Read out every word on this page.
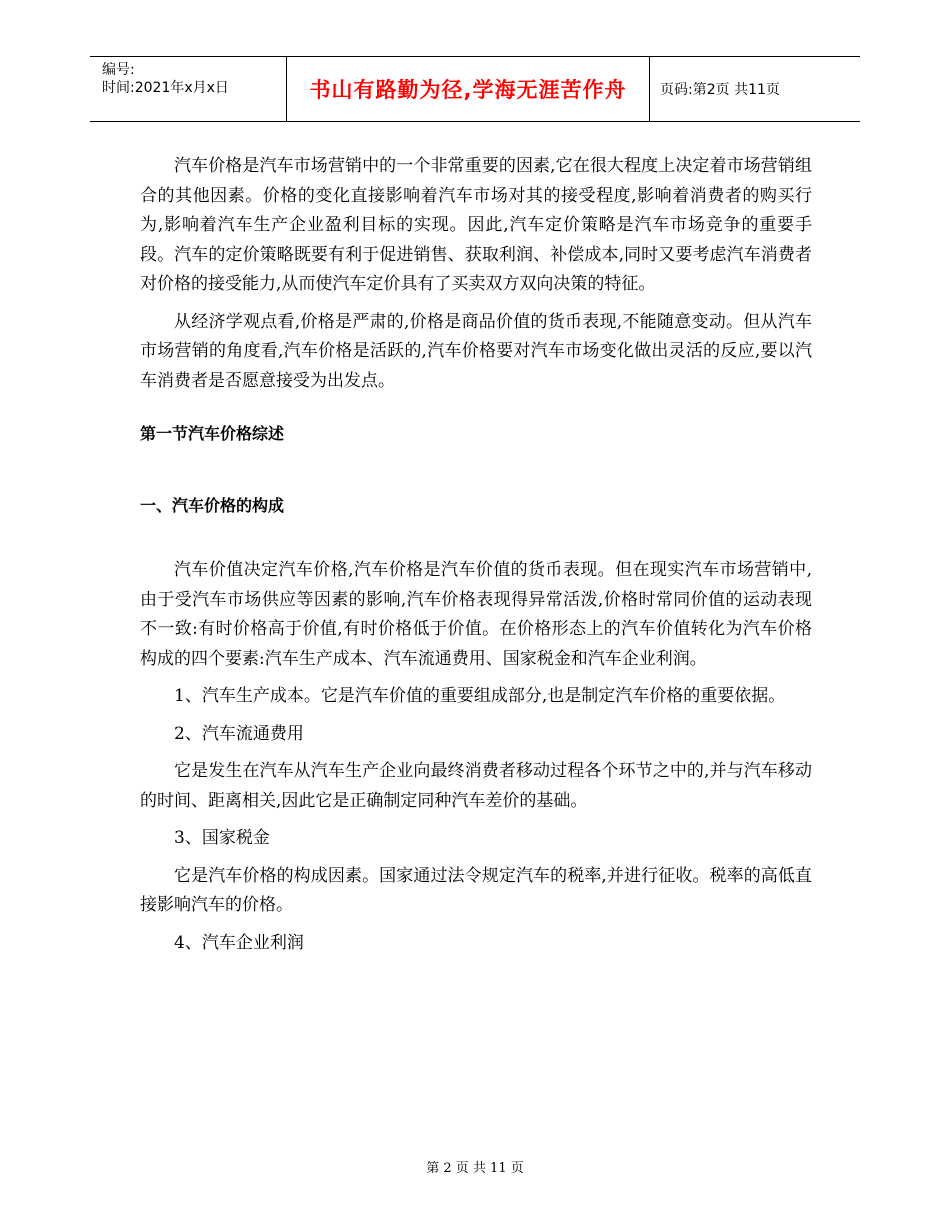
编号:
时间:2021年x月x日	书山有路勤为径,学海无涯苦作舟	页码:第2页 共11页

汽车价格是汽车市场营销中的一个非常重要的因素,它在很大程度上决定着市场营销组合的其他因素。价格的变化直接影响着汽车市场对其的接受程度,影响着消费者的购买行为,影响着汽车生产企业盈利目标的实现。因此,汽车定价策略是汽车市场竞争的重要手段。汽车的定价策略既要有利于促进销售、获取利润、补偿成本,同时又要考虑汽车消费者对价格的接受能力,从而使汽车定价具有了买卖双方双向决策的特征。

从经济学观点看,价格是严肃的,价格是商品价值的货币表现,不能随意变动。但从汽车市场营销的角度看,汽车价格是活跃的,汽车价格要对汽车市场变化做出灵活的反应,要以汽车消费者是否愿意接受为出发点。

第一节汽车价格综述
一、汽车价格的构成

汽车价值决定汽车价格,汽车价格是汽车价值的货币表现。但在现实汽车市场营销中,由于受汽车市场供应等因素的影响,汽车价格表现得异常活泼,价格时常同价值的运动表现不一致:有时价格高于价值,有时价格低于价值。在价格形态上的汽车价值转化为汽车价格构成的四个要素:汽车生产成本、汽车流通费用、国家税金和汽车企业利润。

1、汽车生产成本。它是汽车价值的重要组成部分,也是制定汽车价格的重要依据。

2、汽车流通费用

它是发生在汽车从汽车生产企业向最终消费者移动过程各个环节之中的,并与汽车移动的时间、距离相关,因此它是正确制定同种汽车差价的基础。

3、国家税金

它是汽车价格的构成因素。国家通过法令规定汽车的税率,并进行征收。税率的高低直接影响汽车的价格。

4、汽车企业利润

第 2 页 共 11 页
